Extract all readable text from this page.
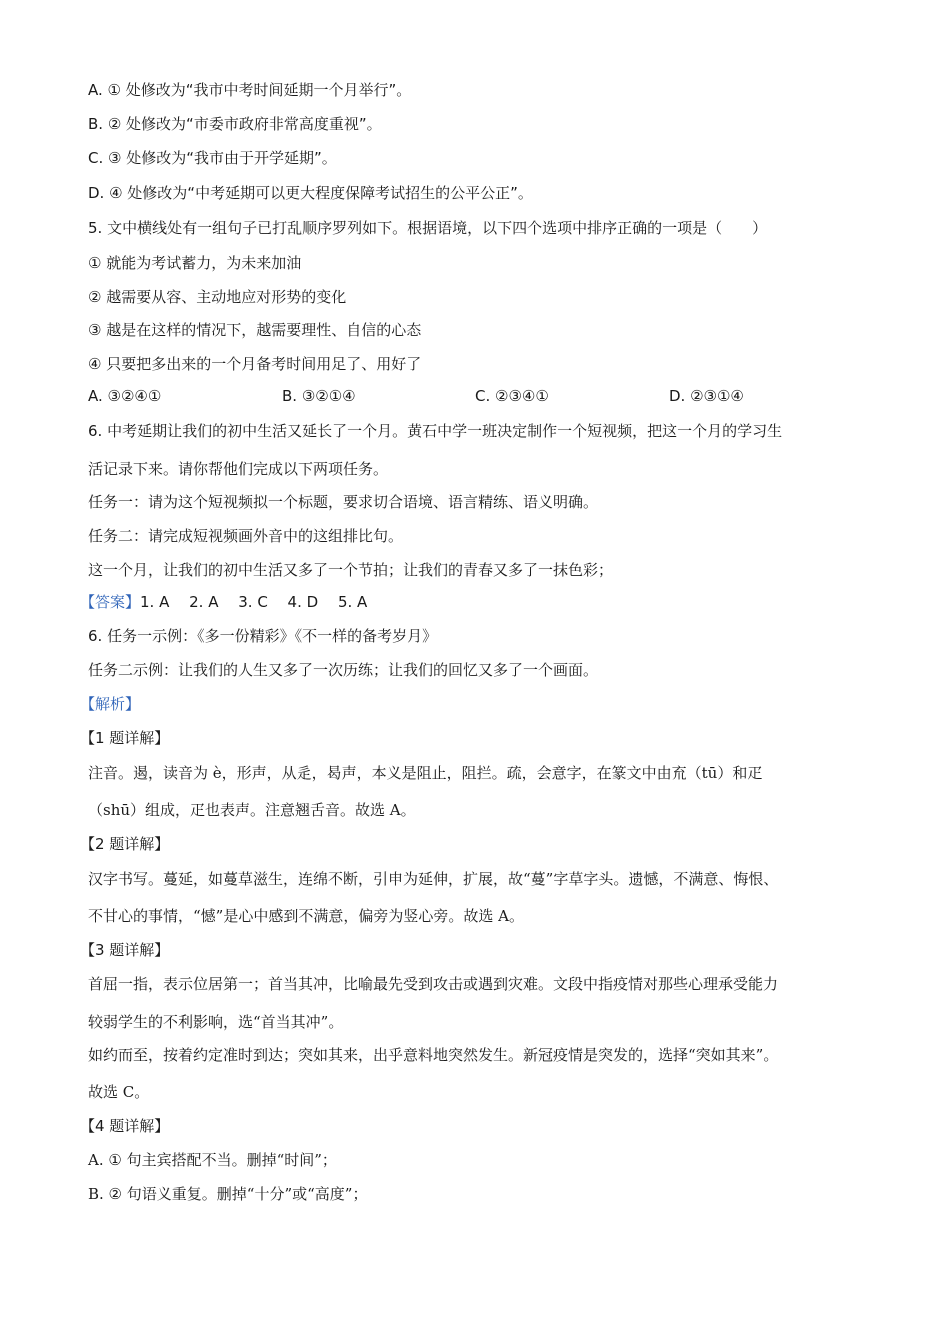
A. ① 处修改为“我市中考时间延期一个月举行”。
B. ② 处修改为“市委市政府非常高度重视”。
C. ③ 处修改为“我市由于开学延期”。
D. ④ 处修改为“中考延期可以更大程度保障考试招生的公平公正”。
5. 文中横线处有一组句子已打乱顺序罗列如下。根据语境，以下四个选项中排序正确的一项是（　　）
① 就能为考试蓄力，为未来加油
② 越需要从容、主动地应对形势的变化
③ 越是在这样的情况下，越需要理性、自信的心态
④ 只要把多出来的一个月备考时间用足了、用好了
A. ③②④①	B. ③②①④	C. ②③④①	D. ②③①④
6. 中考延期让我们的初中生活又延长了一个月。黄石中学一班决定制作一个短视频，把这一个月的学习生
活记录下来。请你帮他们完成以下两项任务。
任务一：请为这个短视频拟一个标题，要求切合语境、语言精练、语义明确。
任务二：请完成短视频画外音中的这组排比句。
这一个月，让我们的初中生活又多了一个节拍；让我们的青春又多了一抹色彩；
【答案】1. A　 2. A　 3. C　 4. D　 5. A
6. 任务一示例：《多一份精彩》《不一样的备考岁月》
任务二示例：让我们的人生又多了一次历练；让我们的回忆又多了一个画面。
【解析】
【1 题详解】
注音。遏，读音为 è，形声，从辵，曷声，本义是阻止，阻拦。疏，会意字，在篆文中由㐬（tū）和疋
（shū）组成，疋也表声。注意翘舌音。故选 A。
【2 题详解】
汉字书写。蔓延，如蔓草滋生，连绵不断，引申为延伸，扩展，故“蔓”字草字头。遗憾，不满意、悔恨、
不甘心的事情，“憾”是心中感到不满意，偏旁为竖心旁。故选 A。
【3 题详解】
首屈一指，表示位居第一；首当其冲，比喻最先受到攻击或遇到灾难。文段中指疫情对那些心理承受能力
较弱学生的不利影响，选“首当其冲”。
如约而至，按着约定准时到达；突如其来，出乎意料地突然发生。新冠疫情是突发的，选择“突如其来”。
故选 C。
【4 题详解】
A. ① 句主宾搭配不当。删掉“时间”；
B. ② 句语义重复。删掉“十分”或“高度”；
